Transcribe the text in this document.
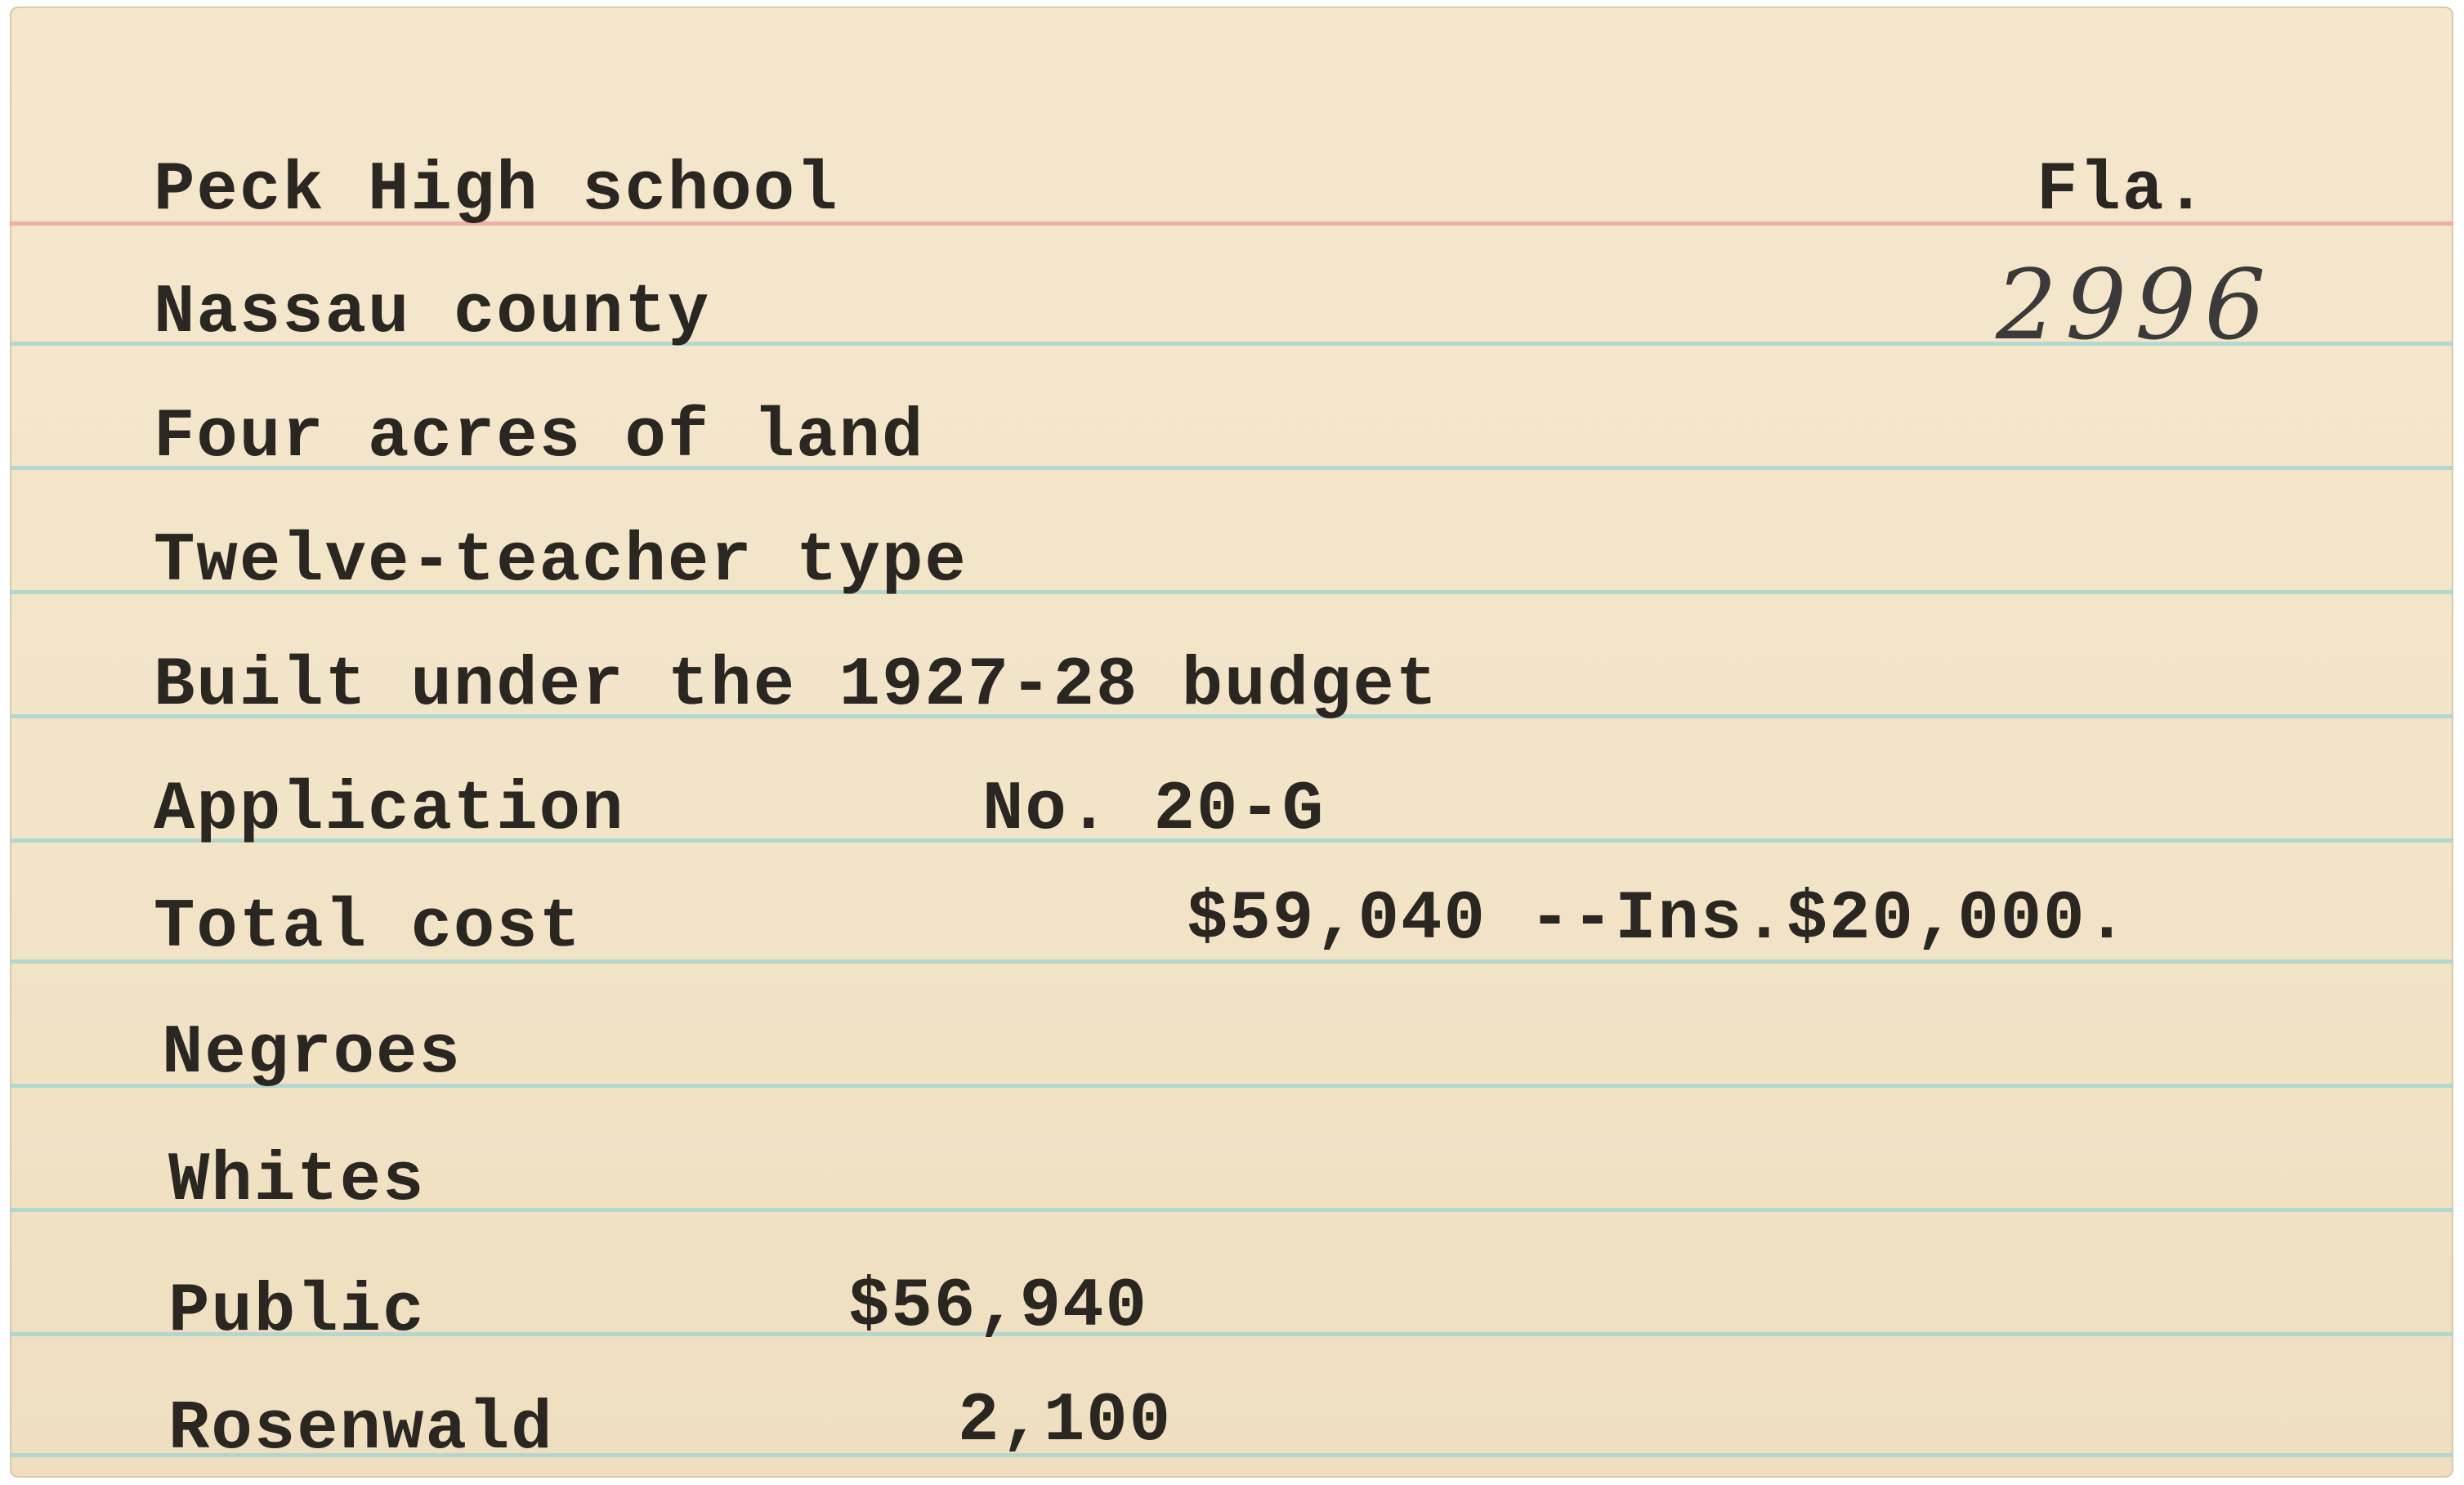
Peck High school	Fla.
Nassau county	2996
Four acres of land
Twelve-teacher type
Built under the 1927-28 budget
Application	No. 20-G
Total cost	$59,040 --Ins.$20,000.
Negroes
Whites
Public	$56,940
Rosenwald	2,100
